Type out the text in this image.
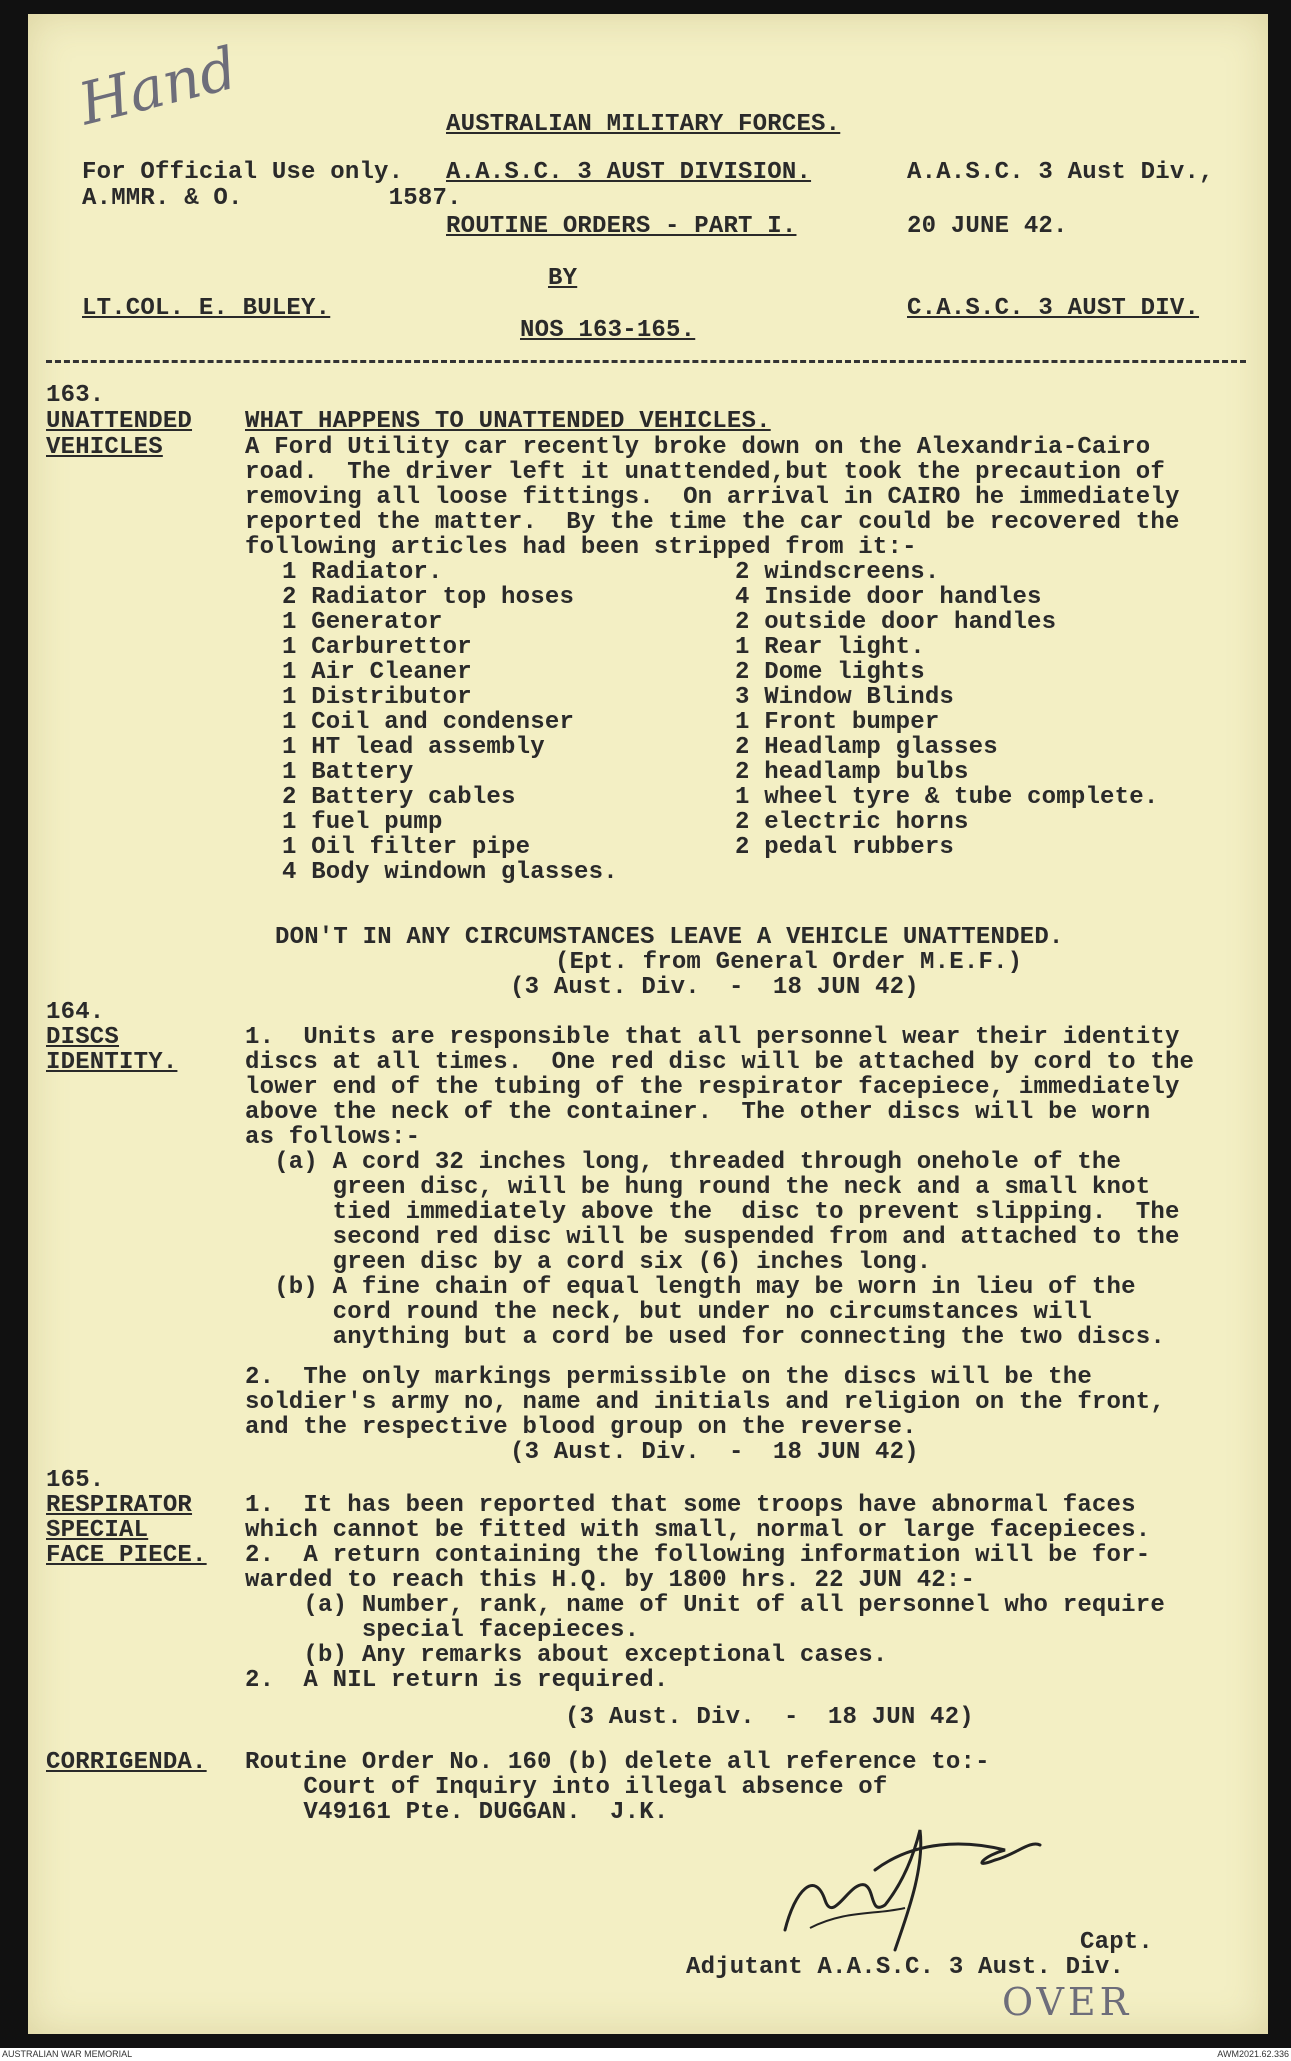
Hand	AUSTRALIAN MILITARY FORCES.
For Official Use only.
A.MMR. & O.          1587.
A.A.S.C. 3 AUST DIVISION.
ROUTINE ORDERS - PART I.
A.A.S.C. 3 Aust Div.,
20 JUNE 42.
BY
LT.COL. E. BULEY.
NOS 163-165.
C.A.S.C. 3 AUST DIV.
163.
UNATTENDED
VEHICLES
WHAT HAPPENS TO UNATTENDED VEHICLES.
A Ford Utility car recently broke down on the Alexandria-Cairo
road.  The driver left it unattended,but took the precaution of
removing all loose fittings.  On arrival in CAIRO he immediately
reported the matter.  By the time the car could be recovered the
following articles had been stripped from it:-
1 Radiator.
2 Radiator top hoses
1 Generator
1 Carburettor
1 Air Cleaner
1 Distributor
1 Coil and condenser
1 HT lead assembly
1 Battery
2 Battery cables
1 fuel pump
1 Oil filter pipe
4 Body windown glasses.
2 windscreens.
4 Inside door handles
2 outside door handles
1 Rear light.
2 Dome lights
3 Window Blinds
1 Front bumper
2 Headlamp glasses
2 headlamp bulbs
1 wheel tyre & tube complete.
2 electric horns
2 pedal rubbers
DON'T IN ANY CIRCUMSTANCES LEAVE A VEHICLE UNATTENDED.
(Ept. from General Order M.E.F.)
(3 Aust. Div.  -  18 JUN 42)
164.
DISCS
IDENTITY.
1.  Units are responsible that all personnel wear their identity
discs at all times.  One red disc will be attached by cord to the
lower end of the tubing of the respirator facepiece, immediately
above the neck of the container.  The other discs will be worn
as follows:-
(a) A cord 32 inches long, threaded through onehole of the
green disc, will be hung round the neck and a small knot
tied immediately above the  disc to prevent slipping.  The
second red disc will be suspended from and attached to the
green disc by a cord six (6) inches long.
(b) A fine chain of equal length may be worn in lieu of the
cord round the neck, but under no circumstances will
anything but a cord be used for connecting the two discs.
2.  The only markings permissible on the discs will be the
soldier's army no, name and initials and religion on the front,
and the respective blood group on the reverse.
(3 Aust. Div.  -  18 JUN 42)
165.
RESPIRATOR
SPECIAL
FACE PIECE.
1.  It has been reported that some troops have abnormal faces
which cannot be fitted with small, normal or large facepieces.
2.  A return containing the following information will be for-
warded to reach this H.Q. by 1800 hrs. 22 JUN 42:-
(a) Number, rank, name of Unit of all personnel who require
special facepieces.
(b) Any remarks about exceptional cases.
2.  A NIL return is required.
(3 Aust. Div.  -  18 JUN 42)
CORRIGENDA. Routine Order No. 160 (b) delete all reference to:-
Court of Inquiry into illegal absence of
V49161 Pte. DUGGAN.  J.K.
Capt.
Adjutant A.A.S.C. 3 Aust. Div.
OVER
AUSTRALIAN WAR MEMORIAL	AWM2021.62.336
